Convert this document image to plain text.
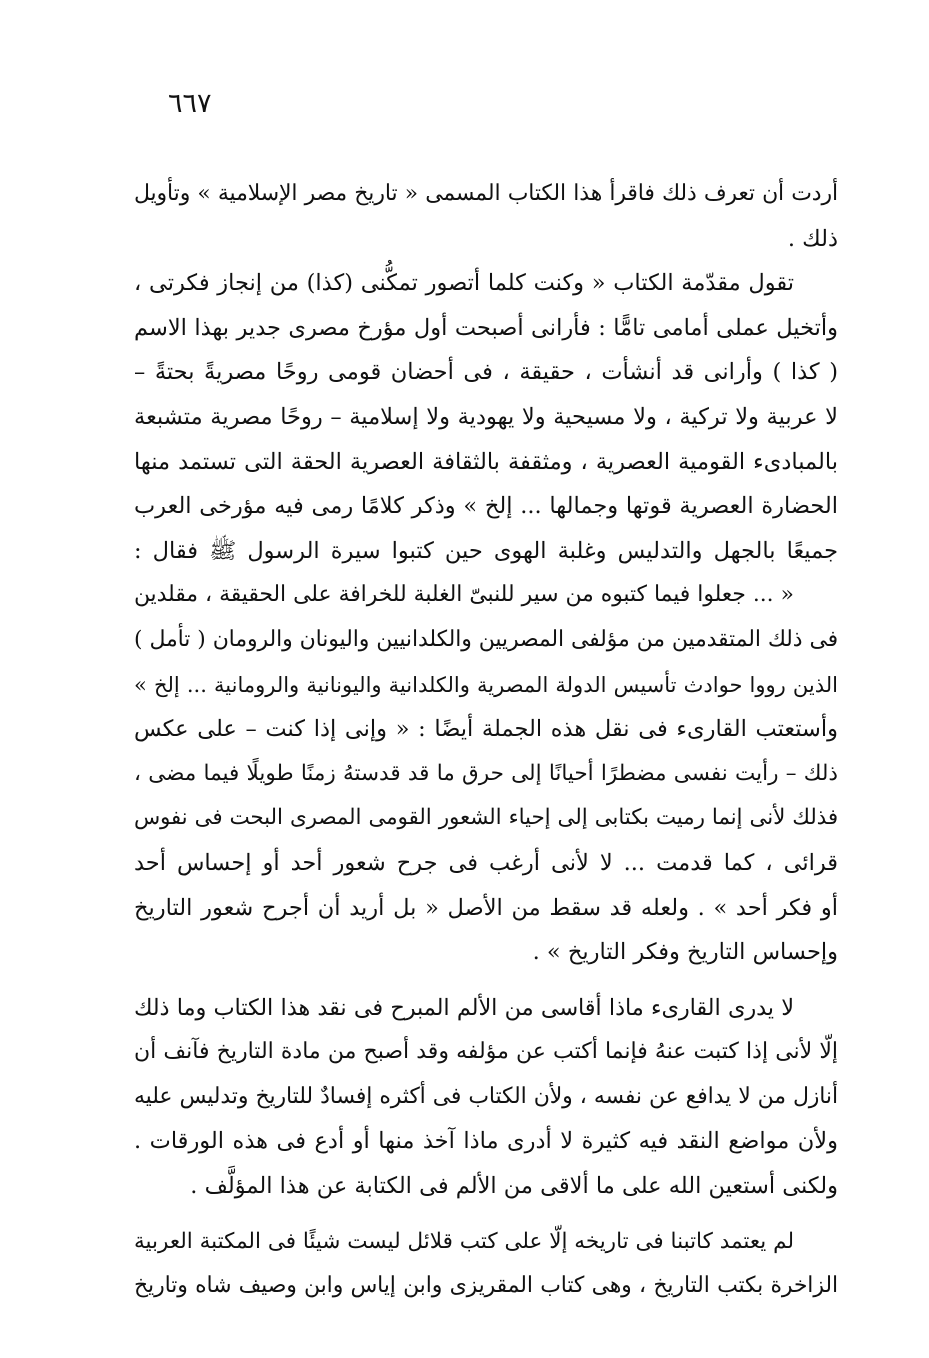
٦٦٧

أردت أن تعرف ذلك فاقرأ هذا الكتاب المسمى « تاريخ مصر الإسلامية » وتأويل
ذلك .

تقول مقدّمة الكتاب « وكنت كلما أتصور تمكُّنى (كذا) من إنجاز فكرتى ،
وأتخيل عملى أمامى تامًّا : فأرانى أصبحت أول مؤرخ مصرى جدير بهذا الاسم
( كذا ) وأرانى قد أنشأت ، حقيقة ، فى أحضان قومى روحًا مصريةً بحتةً –
لا عربية ولا تركية ، ولا مسيحية ولا يهودية ولا إسلامية – روحًا مصرية متشبعة
بالمبادىء القومية العصرية ، ومثقفة بالثقافة العصرية الحقة التى تستمد منها
الحضارة العصرية قوتها وجمالها ... إلخ » وذكر كلامًا رمى فيه مؤرخى العرب
جميعًا بالجهل والتدليس وغلبة الهوى حين كتبوا سيرة الرسول ﷺ فقال :

« ... جعلوا فيما كتبوه من سير للنبىّ الغلبة للخرافة على الحقيقة ، مقلدين
فى ذلك المتقدمين من مؤلفى المصريين والكلدانيين واليونان والرومان ( تأمل )
الذين رووا حوادث تأسيس الدولة المصرية والكلدانية واليونانية والرومانية ... إلخ »
وأستعتب القارىء فى نقل هذه الجملة أيضًا : « وإنى إذا كنت – على عكس
ذلك – رأيت نفسى مضطرًا أحيانًا إلى حرق ما قد قدستهُ زمنًا طويلًا فيما مضى ،
فذلك لأنى إنما رميت بكتابى إلى إحياء الشعور القومى المصرى البحت فى نفوس
قرائى ، كما قدمت ... لا لأنى أرغب فى جرح شعور أحد أو إحساس أحد
أو فكر أحد » . ولعله قد سقط من الأصل « بل أريد أن أجرح شعور التاريخ
وإحساس التاريخ وفكر التاريخ » .

لا يدرى القارىء ماذا أقاسى من الألم المبرح فى نقد هذا الكتاب وما ذلك
إلّا لأنى إذا كتبت عنهُ فإنما أكتب عن مؤلفه وقد أصبح من مادة التاريخ فآنف أن
أنازل من لا يدافع عن نفسه ، ولأن الكتاب فى أكثره إفسادٌ للتاريخ وتدليس عليه
ولأن مواضع النقد فيه كثيرة لا أدرى ماذا آخذ منها أو أدع فى هذه الورقات .
ولكنى أستعين الله على ما ألاقى من الألم فى الكتابة عن هذا المؤلَّف .

لم يعتمد كاتبنا فى تاريخه إلّا على كتب قلائل ليست شيئًا فى المكتبة العربية
الزاخرة بكتب التاريخ ، وهى كتاب المقريزى وابن إياس وابن وصيف شاه وتاريخ
